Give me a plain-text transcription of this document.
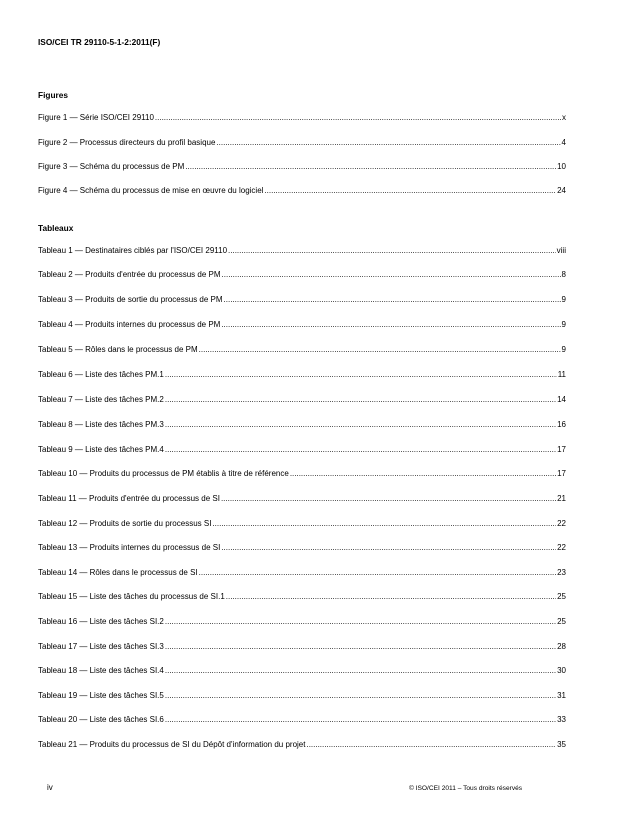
ISO/CEI TR 29110-5-1-2:2011(F)
Figures
Figure 1 — Série ISO/CEI 29110 .....	x
Figure 2 — Processus directeurs du profil basique .....	4
Figure 3 — Schéma du processus de PM .....	10
Figure 4 — Schéma du processus de mise en œuvre du logiciel .....	24
Tableaux
Tableau 1 — Destinataires ciblés par l'ISO/CEI 29110 .....	viii
Tableau 2 — Produits d'entrée du processus de PM .....	8
Tableau 3 — Produits de sortie du processus de PM .....	9
Tableau 4 — Produits internes du processus de PM .....	9
Tableau 5 — Rôles dans le processus de PM .....	9
Tableau 6 — Liste des tâches PM.1 .....	11
Tableau 7 — Liste des tâches PM.2 .....	14
Tableau 8 — Liste des tâches PM.3 .....	16
Tableau 9 — Liste des tâches PM.4 .....	17
Tableau 10 — Produits du processus de PM établis à titre de référence .....	17
Tableau 11 — Produits d'entrée du processus de SI .....	21
Tableau 12 — Produits de sortie du processus SI .....	22
Tableau 13 — Produits internes du processus de SI .....	22
Tableau 14 — Rôles dans le processus de SI .....	23
Tableau 15 — Liste des tâches du processus de SI.1 .....	25
Tableau 16 — Liste des tâches SI.2 .....	25
Tableau 17 — Liste des tâches SI.3 .....	28
Tableau 18 — Liste des tâches SI.4 .....	30
Tableau 19 — Liste des tâches SI.5 .....	31
Tableau 20 — Liste des tâches SI.6 .....	33
Tableau 21 — Produits du processus de SI du Dépôt d'information du projet .....	35
iv	© ISO/CEI 2011 – Tous droits réservés
